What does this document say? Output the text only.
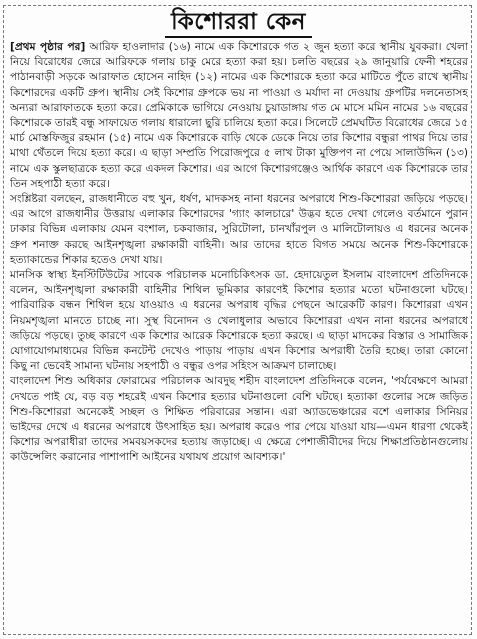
কিশোররা কেন

[প্রথম পৃষ্ঠার পর] আরিফ হাওলাদার (১৬) নামে এক কিশোরকে গত ২ জুন হত্যা করে স্থানীয় যুবকরা। খেলা নিয়ে বিরোধের জেরে আরিফকে গলায় চাকু মেরে হত্যা করা হয়। চলতি বছরের ২৯ জানুয়ারি ফেনী শহরের পাঠানবাড়ী সড়কে আরাফাত হোসেন নাহিদ (১২) নামের এক কিশোরকে হত্যা করে মাটিতে পুঁতে রাখে স্থানীয় কিশোরদের একটি গ্রুপ। স্থানীয় সেই কিশোর গ্রুপকে ভয় না পাওয়া ও মর্যাদা না দেওয়ায় গ্রুপটির দলনেতাসহ অন্যরা আরাফাতকে হত্যা করে। প্রেমিকাকে ভাগিয়ে নেওয়ায় চুয়াডাঙ্গায় গত মে মাসে মমিন নামের ১৬ বছরের কিশোরকে তারই বন্ধু সাফায়েত গলায় ধারালো ছুরি চালিয়ে হত্যা করে। সিলেটে প্রেমঘটিত বিরোধের জেরে ১৫ মার্চ মোস্তফিজুর রহমান (১৫) নামে এক কিশোরকে বাড়ি থেকে ডেকে নিয়ে তার কিশোর বন্ধুরা পাথর দিয়ে তার মাথা থেঁতলে দিয়ে হত্যা করে। এ ছাড়া সম্প্রতি পিরোজপুরে ৫ লাখ টাকা মুক্তিপণ না পেয়ে সালাউদ্দিন (১৩) নামে এক স্কুলছাত্রকে হত্যা করে একদল কিশোর। এর আগে কিশোরগঞ্জেও আর্থিক কারণে এক কিশোরকে তার তিন সহপাঠী হত্যা করে।

সংশ্লিষ্টরা বলছেন, রাজধানীতে বহু খুন, ধর্ষণ, মাদকসহ নানা ধরনের অপরাধে শিশু-কিশোররা জড়িয়ে পড়ছে। এর আগে রাজধানীর উত্তরায় এলাকার কিশোরদের 'গ্যাং কালচারে' উদ্ভব হতে দেখা গেলেও বর্তমানে পুরান ঢাকার বিভিন্ন এলাকায় যেমন বংশাল, চকবাজার, সুরিটোলা, চানখাঁরপুল ও মালিটোলায়ও এ ধরনের অনেক গ্রুপ শনাক্ত করছে আইনশৃঙ্খলা রক্ষাকারী বাহিনী। আর তাদের হাতে বিগত সময়ে অনেক শিশু-কিশোরকে হত্যাকান্ডের শিকার হতেও দেখা যায়।

মানসিক স্বাস্থ্য ইনস্টিটিউটের সাবেক পরিচালক মনোচিকিৎসক ডা. হেদায়েতুল ইসলাম বাংলাদেশ প্রতিদিনকে বলেন, আইনশৃঙ্খলা রক্ষাকারী বাহিনীর শিথিল ভূমিকার কারণেই কিশোর হত্যার মতো ঘটনাগুলো ঘটছে। পারিবারিক বন্ধন শিথিল হয়ে যাওয়াও এ ধরনের অপরাধ বৃদ্ধির পেছনে আরেকটি কারণ। কিশোররা এখন নিয়মশৃঙ্খলা মানতে চাচ্ছে না। সুস্থ বিনোদন ও খেলাধুলার অভাবে কিশোররা এখন নানা ধরনের অপরাধে জড়িয়ে পড়ছে। তুচ্ছ কারণে এক কিশোর আরেক কিশোরকে হত্যা করছে। এ ছাড়া মাদকের বিস্তার ও সামাজিক যোগাযোগমাধ্যমের বিভিন্ন কনটেন্ট দেখেও পাড়ায় পাড়ায় এখন কিশোর অপরাধী তৈরি হচ্ছে। তারা কোনো কিছু না ভেবেই সামান্য ঘটনায় সহপাঠী ও বন্ধুর ওপর সহিংস আক্রমণ চালাচ্ছে।

বাংলাদেশ শিশু অধিকার ফোরামের পরিচালক আবদুছ শহীদ বাংলাদেশ প্রতিদিনকে বলেন, 'পর্যবেক্ষণে আমরা দেখতে পাই যে, বড় বড় শহরেই এখন কিশোর হত্যার ঘটনাগুলো বেশি ঘটছে। হত্যাকা গুলোর সঙ্গে জড়িত শিশু-কিশোররা অনেকেই সচ্ছল ও শিক্ষিত পরিবারের সন্তান। এরা অ্যাডভেঞ্চারের বশে এলাকার সিনিয়র ভাইদের দেখে এ ধরনের অপরাধে উৎসাহিত হয়। অপরাধ করেও পার পেয়ে যাওয়া যায়—এমন ধারণা থেকেই কিশোর অপরাধীরা তাদের সমবয়সকদের হত্যায় জড়াচ্ছে। এ ক্ষেত্রে পেশাজীবীদের দিয়ে শিক্ষাপ্রতিষ্ঠানগুলোয় কাউন্সেলিং করানোর পাশাপাশি আইনের যথাযথ প্রয়োগ আবশ্যক।'
